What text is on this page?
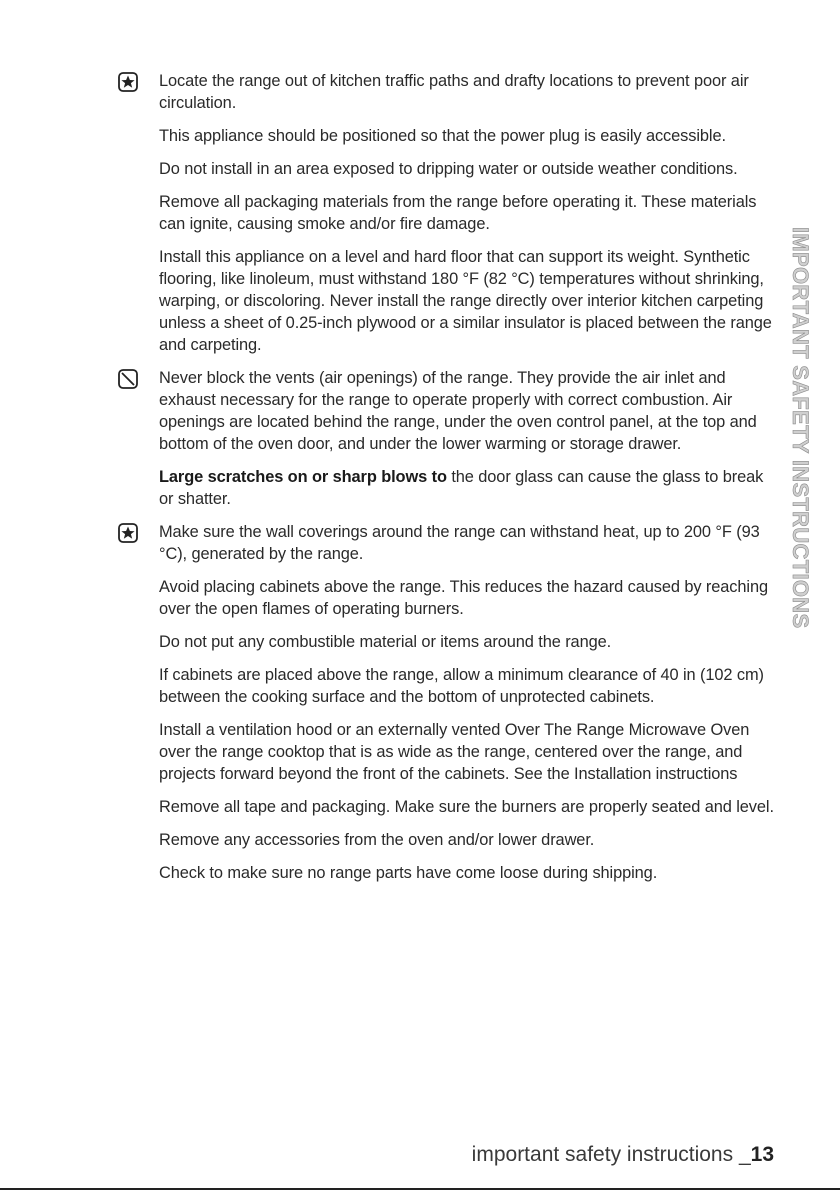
Locate the range out of kitchen traffic paths and drafty locations to prevent poor air circulation.

This appliance should be positioned so that the power plug is easily accessible.

Do not install in an area exposed to dripping water or outside weather conditions.

Remove all packaging materials from the range before operating it. These materials can ignite, causing smoke and/or fire damage.

Install this appliance on a level and hard floor that can support its weight. Synthetic flooring, like linoleum, must withstand 180 °F (82 °C) temperatures without shrinking, warping, or discoloring. Never install the range directly over interior kitchen carpeting unless a sheet of 0.25-inch plywood or a similar insulator is placed between the range and carpeting.

Never block the vents (air openings) of the range. They provide the air inlet and exhaust necessary for the range to operate properly with correct combustion. Air openings are located behind the range, under the oven control panel, at the top and bottom of the oven door, and under the lower warming or storage drawer.

Large scratches on or sharp blows to the door glass can cause the glass to break or shatter.

Make sure the wall coverings around the range can withstand heat, up to 200 °F (93 °C), generated by the range.

Avoid placing cabinets above the range. This reduces the hazard caused by reaching over the open flames of operating burners.

Do not put any combustible material or items around the range.

If cabinets are placed above the range, allow a minimum clearance of 40 in (102 cm) between the cooking surface and the bottom of unprotected cabinets.

Install a ventilation hood or an externally vented Over The Range Microwave Oven over the range cooktop that is as wide as the range, centered over the range, and projects forward beyond the front of the cabinets. See the Installation instructions

Remove all tape and packaging. Make sure the burners are properly seated and level.

Remove any accessories from the oven and/or lower drawer.

Check to make sure no range parts have come loose during shipping.

IMPORTANT SAFETY INSTRUCTIONS
important safety instructions _13
